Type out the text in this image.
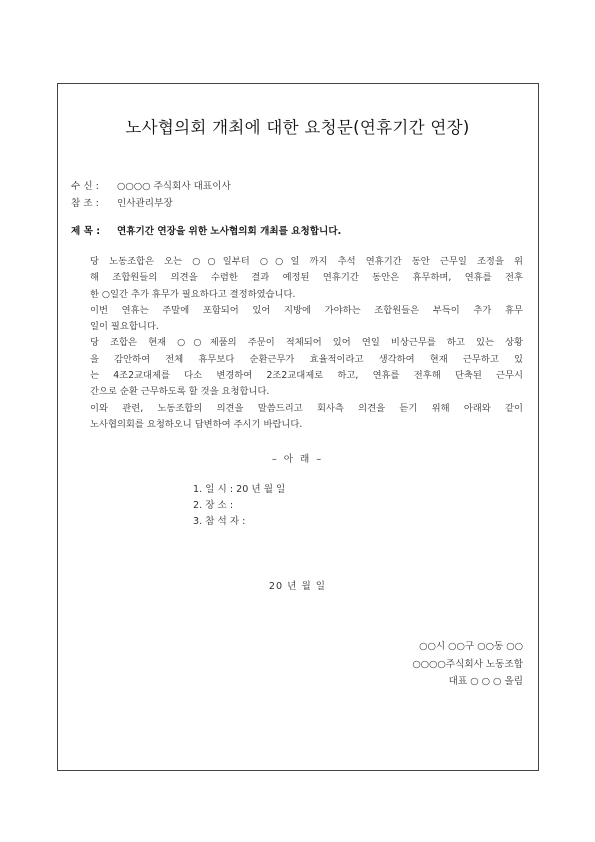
노사협의회 개최에 대한 요청문(연휴기간 연장)
수 신 : ○○○○ 주식회사 대표이사
참 조 : 인사관리부장
제 목 : 연휴기간 연장을 위한 노사협의회 개최를 요청합니다.
당 노동조합은 오는 ○○일부터 ○○일 까지 추석 연휴기간 동안 근무일 조정을 위
해 조합원들의 의견을 수렴한 결과 예정된 연휴기간 동안은 휴무하며, 연휴를 전후
한 ○일간 추가 휴무가 필요하다고 결정하였습니다.
이번 연휴는 주말에 포함되어 있어 지방에 가야하는 조합원들은 부득이 추가 휴무
일이 필요합니다.
당 조합은 현재 ○○제품의 주문이 적체되어 있어 연일 비상근무를 하고 있는 상황
을 감안하여 전체 휴무보다 순환근무가 효율적이라고 생각하여 현재 근무하고 있
는 4조2교대제를 다소 변경하여 2조2교대제로 하고, 연휴를 전후해 단축된 근무시
간으로 순환 근무하도록 할 것을 요청합니다.
이와 관련, 노동조합의 의견을 말씀드리고 회사측 의견을 듣기 위해 아래와 같이
노사협의회를 요청하오니 답변하여 주시기 바랍니다.
– 아 래 –
1. 일 시 : 20 년 월 일
2. 장 소 :
3. 참 석 자 :
20 년 월 일
○○시 ○○구 ○○동 ○○
○○○○주식회사 노동조합
대표 ○ ○ ○ 올림
